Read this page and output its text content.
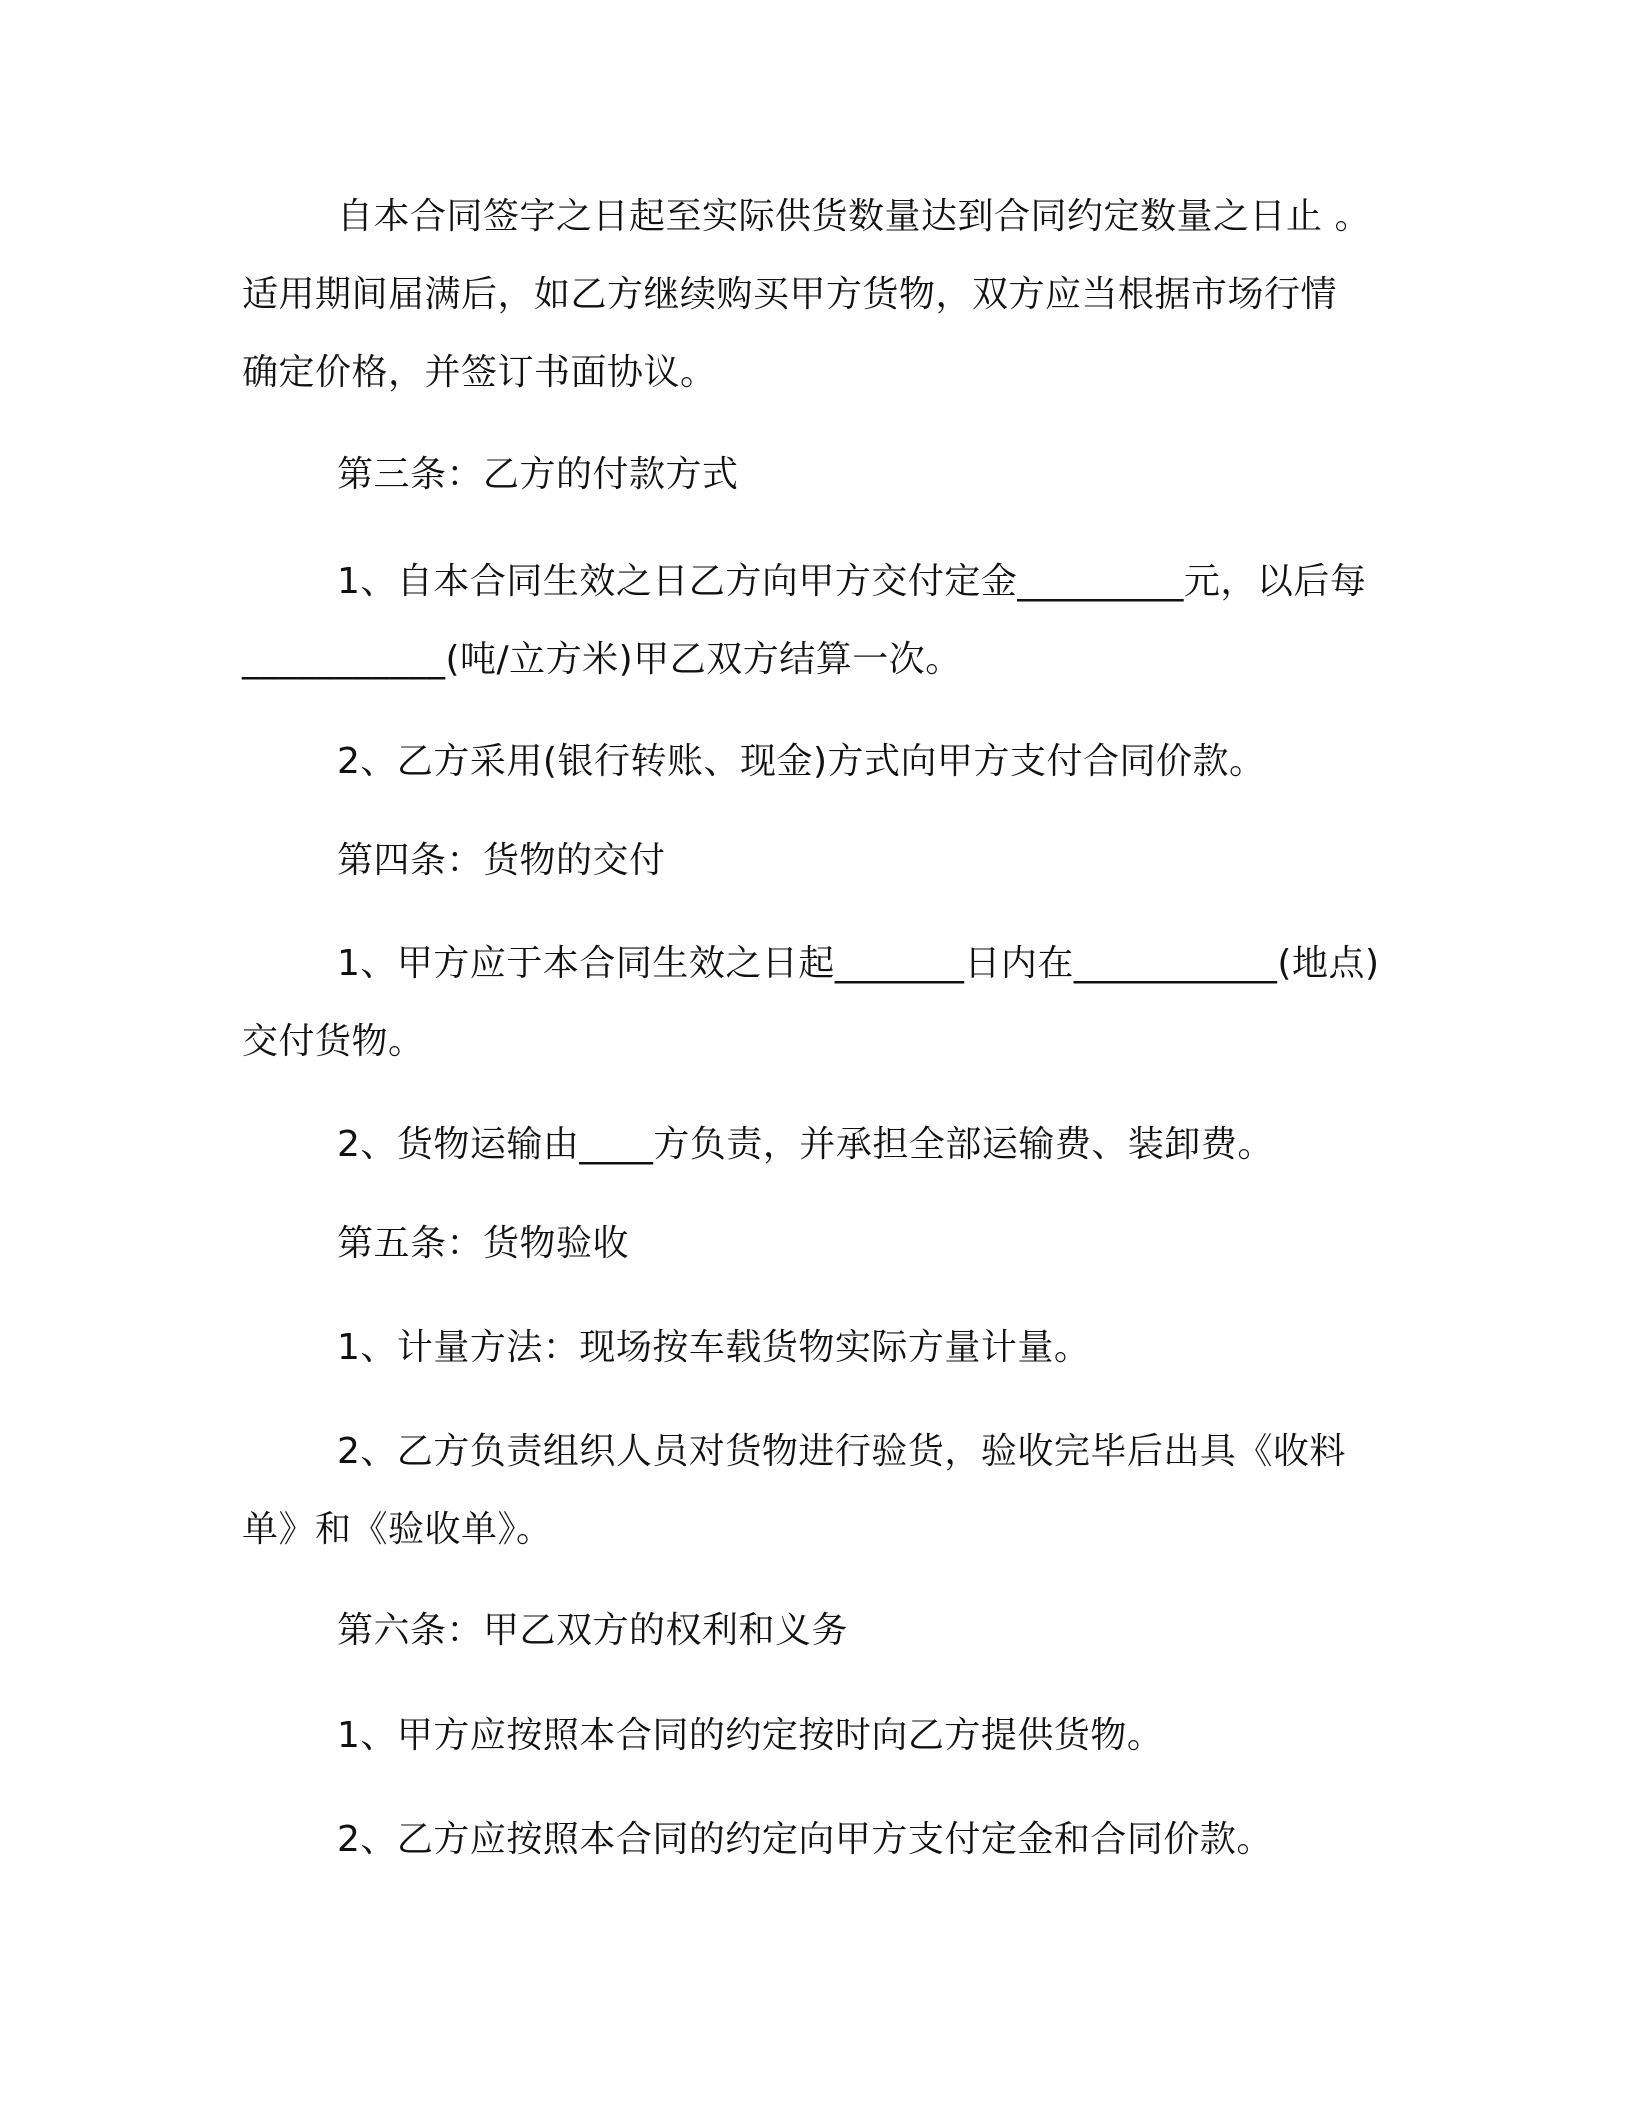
自本合同签字之日起至实际供货数量达到合同约定数量之日止 。
适用期间届满后，如乙方继续购买甲方货物，双方应当根据市场行情
确定价格，并签订书面协议。
第三条：乙方的付款方式
1、自本合同生效之日乙方向甲方交付定金_________元，以后每
___________(吨/立方米)甲乙双方结算一次。
2、乙方采用(银行转账、现金)方式向甲方支付合同价款。
第四条：货物的交付
1、甲方应于本合同生效之日起_______日内在___________(地点)
交付货物。
2、货物运输由____方负责，并承担全部运输费、装卸费。
第五条：货物验收
1、计量方法：现场按车载货物实际方量计量。
2、乙方负责组织人员对货物进行验货，验收完毕后出具《收料
单》和《验收单》。
第六条：甲乙双方的权利和义务
1、甲方应按照本合同的约定按时向乙方提供货物。
2、乙方应按照本合同的约定向甲方支付定金和合同价款。
